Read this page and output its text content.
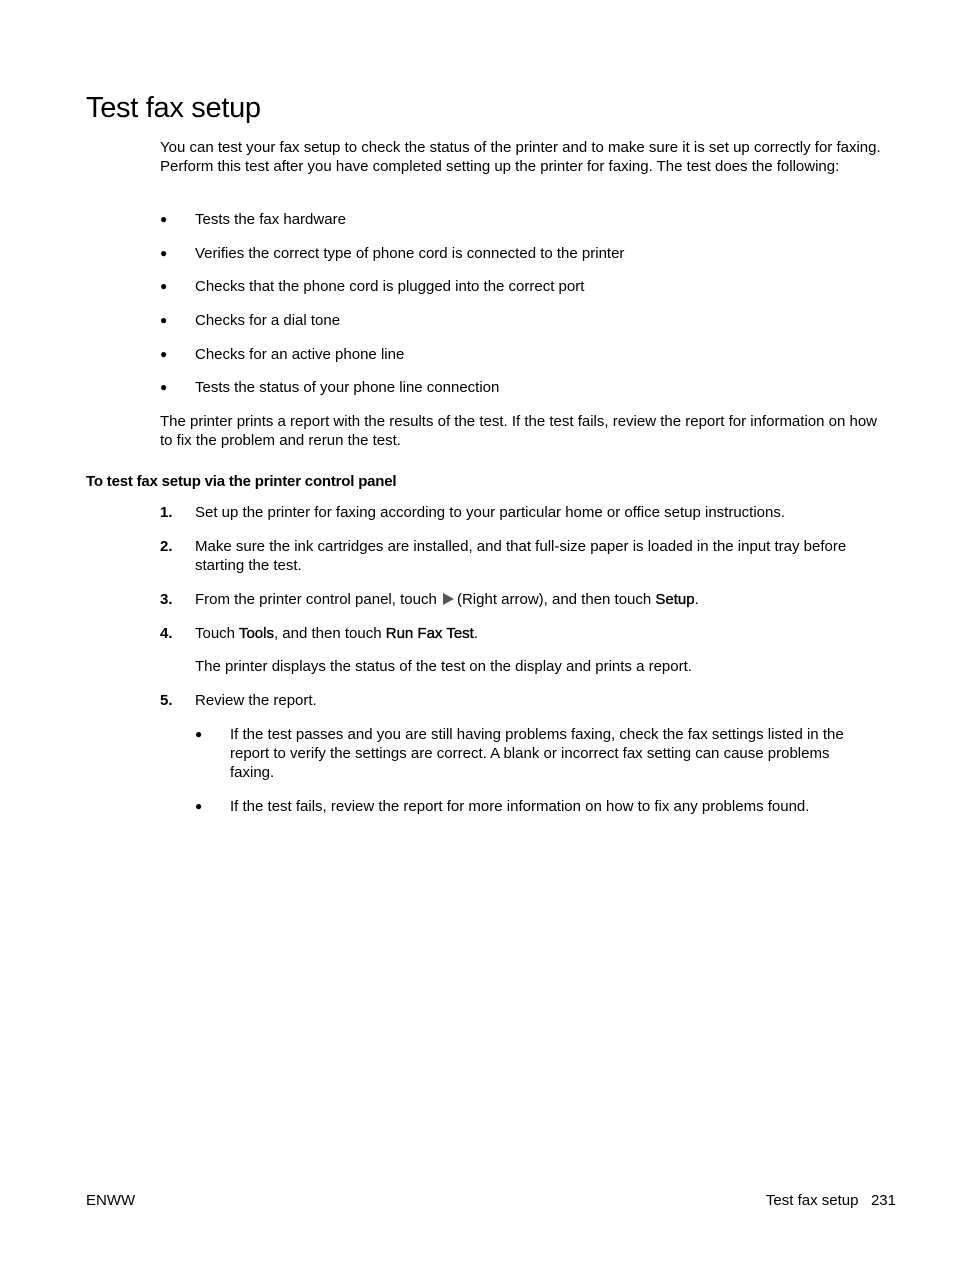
Test fax setup

You can test your fax setup to check the status of the printer and to make sure it is set up correctly for faxing. Perform this test after you have completed setting up the printer for faxing. The test does the following:

● Tests the fax hardware
● Verifies the correct type of phone cord is connected to the printer
● Checks that the phone cord is plugged into the correct port
● Checks for a dial tone
● Checks for an active phone line
● Tests the status of your phone line connection

The printer prints a report with the results of the test. If the test fails, review the report for information on how to fix the problem and rerun the test.

To test fax setup via the printer control panel
1. Set up the printer for faxing according to your particular home or office setup instructions.
2. Make sure the ink cartridges are installed, and that full-size paper is loaded in the input tray before starting the test.
3. From the printer control panel, touch (Right arrow), and then touch Setup.
4. Touch Tools, and then touch Run Fax Test.

The printer displays the status of the test on the display and prints a report.

5. Review the report.
● If the test passes and you are still having problems faxing, check the fax settings listed in the report to verify the settings are correct. A blank or incorrect fax setting can cause problems faxing.
● If the test fails, review the report for more information on how to fix any problems found.
ENWW	Test fax setup 231
